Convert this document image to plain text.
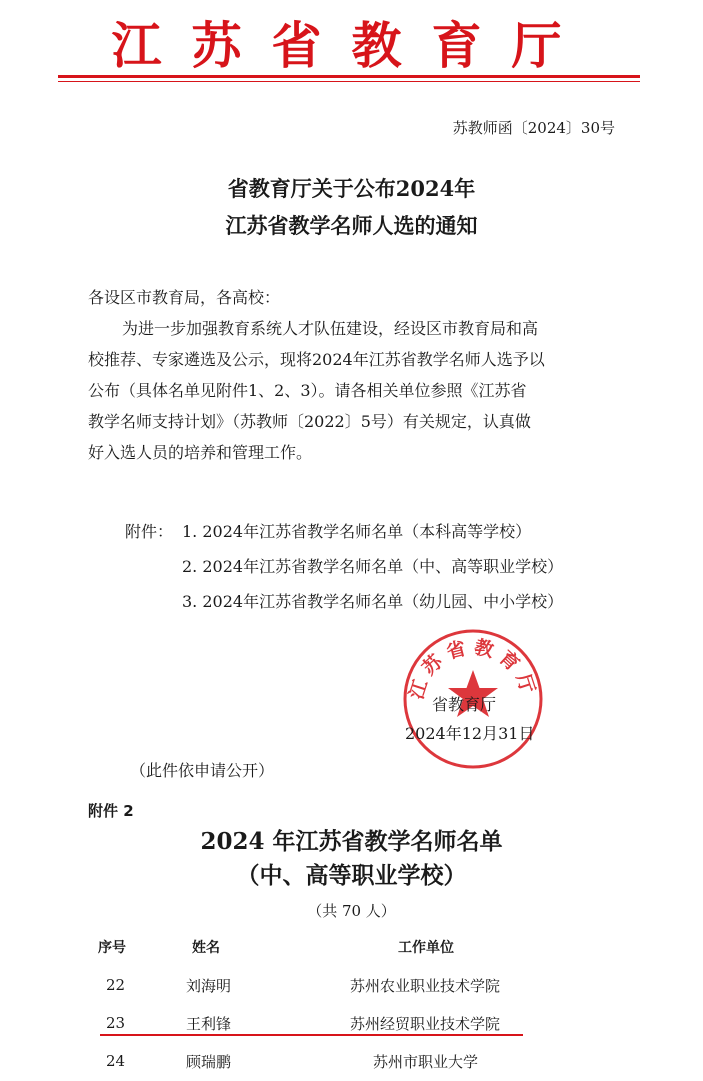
江苏省教育厅
苏教师函〔2024〕30号
省教育厅关于公布2024年
江苏省教学名师人选的通知
各设区市教育局，各高校：
为进一步加强教育系统人才队伍建设，经设区市教育局和高
校推荐、专家遴选及公示，现将2024年江苏省教学名师人选予以
公布（具体名单见附件1、2、3）。请各相关单位参照《江苏省
教学名师支持计划》（苏教师〔2022〕5号）有关规定，认真做
好入选人员的培养和管理工作。
附件： 1. 2024年江苏省教学名师名单（本科高等学校）
2. 2024年江苏省教学名师名单（中、高等职业学校）
3. 2024年江苏省教学名师名单（幼儿园、中小学校）
江苏省教育厅
省教育厅
2024年12月31日
（此件依申请公开）
附件 2
2024 年江苏省教学名师名单
（中、高等职业学校）
（共 70 人）
序号	姓名	工作单位
22	刘海明	苏州农业职业技术学院
23	王利锋	苏州经贸职业技术学院
24	顾瑞鹏	苏州市职业大学
